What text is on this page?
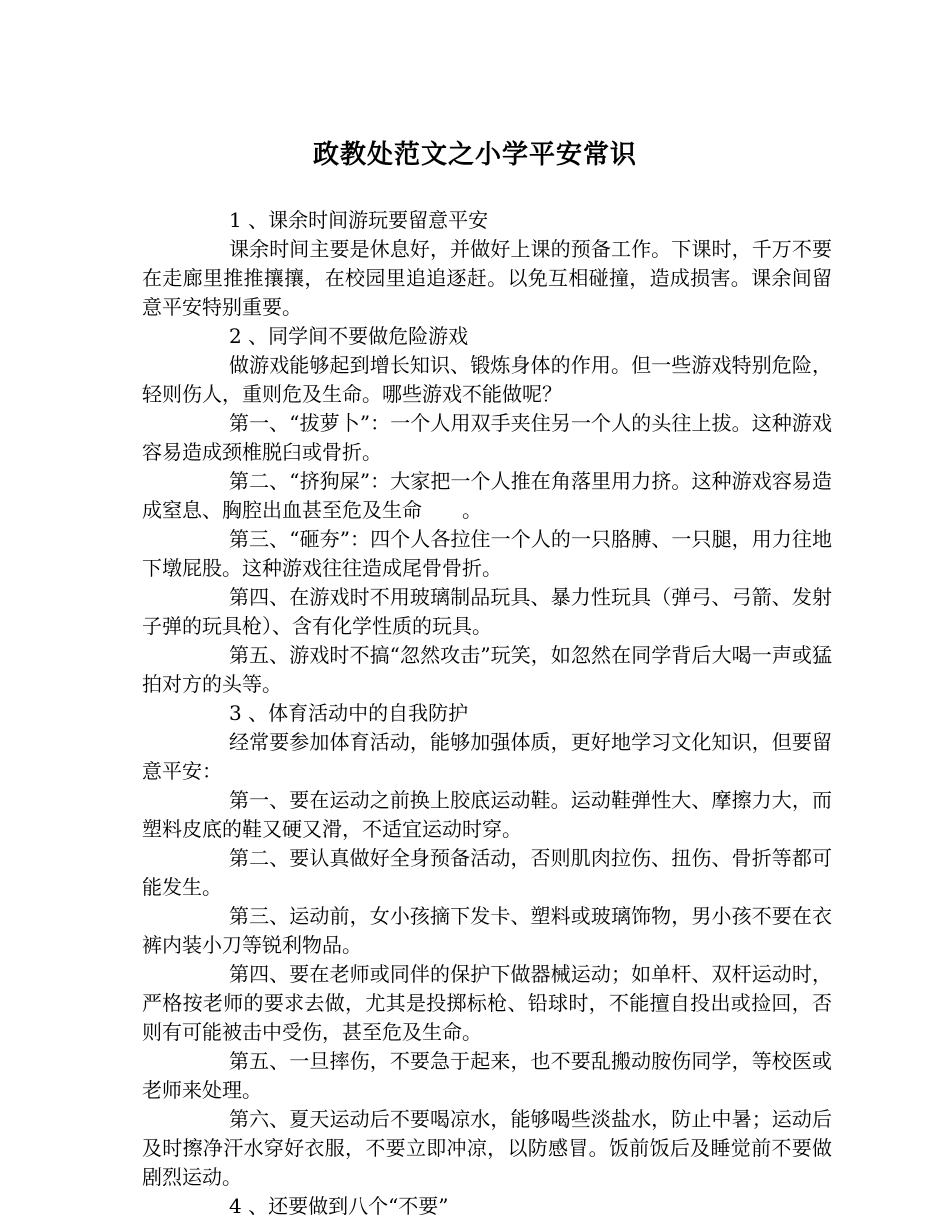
政教处范文之小学平安常识

1 、课余时间游玩要留意平安

课余时间主要是休息好，并做好上课的预备工作。下课时，千万不要在走廊里推推攘攘，在校园里追追逐赶。以免互相碰撞，造成损害。课余间留意平安特别重要。

2 、同学间不要做危险游戏

做游戏能够起到增长知识、锻炼身体的作用。但一些游戏特别危险，轻则伤人，重则危及生命。哪些游戏不能做呢？

第一、“拔萝卜”：一个人用双手夹住另一个人的头往上拔。这种游戏容易造成颈椎脱臼或骨折。

第二、“挤狗屎”：大家把一个人推在角落里用力挤。这种游戏容易造成窒息、胸腔出血甚至危及生命　　。

第三、“砸夯”：四个人各拉住一个人的一只胳膊、一只腿，用力往地下墩屁股。这种游戏往往造成尾骨骨折。

第四、在游戏时不用玻璃制品玩具、暴力性玩具（弹弓、弓箭、发射子弹的玩具枪）、含有化学性质的玩具。

第五、游戏时不搞“忽然攻击”玩笑，如忽然在同学背后大喝一声或猛拍对方的头等。

3 、体育活动中的自我防护

经常要参加体育活动，能够加强体质，更好地学习文化知识，但要留意平安：

第一、要在运动之前换上胶底运动鞋。运动鞋弹性大、摩擦力大，而塑料皮底的鞋又硬又滑，不适宜运动时穿。

第二、要认真做好全身预备活动，否则肌肉拉伤、扭伤、骨折等都可能发生。

第三、运动前，女小孩摘下发卡、塑料或玻璃饰物，男小孩不要在衣裤内装小刀等锐利物品。

第四、要在老师或同伴的保护下做器械运动；如单杆、双杆运动时，严格按老师的要求去做，尤其是投掷标枪、铅球时，不能擅自投出或捡回，否则有可能被击中受伤，甚至危及生命。

第五、一旦摔伤，不要急于起来，也不要乱搬动胺伤同学，等校医或老师来处理。

第六、夏天运动后不要喝凉水，能够喝些淡盐水，防止中暑；运动后及时擦净汗水穿好衣服，不要立即冲凉，以防感冒。饭前饭后及睡觉前不要做剧烈运动。

4 、还要做到八个“不要”
